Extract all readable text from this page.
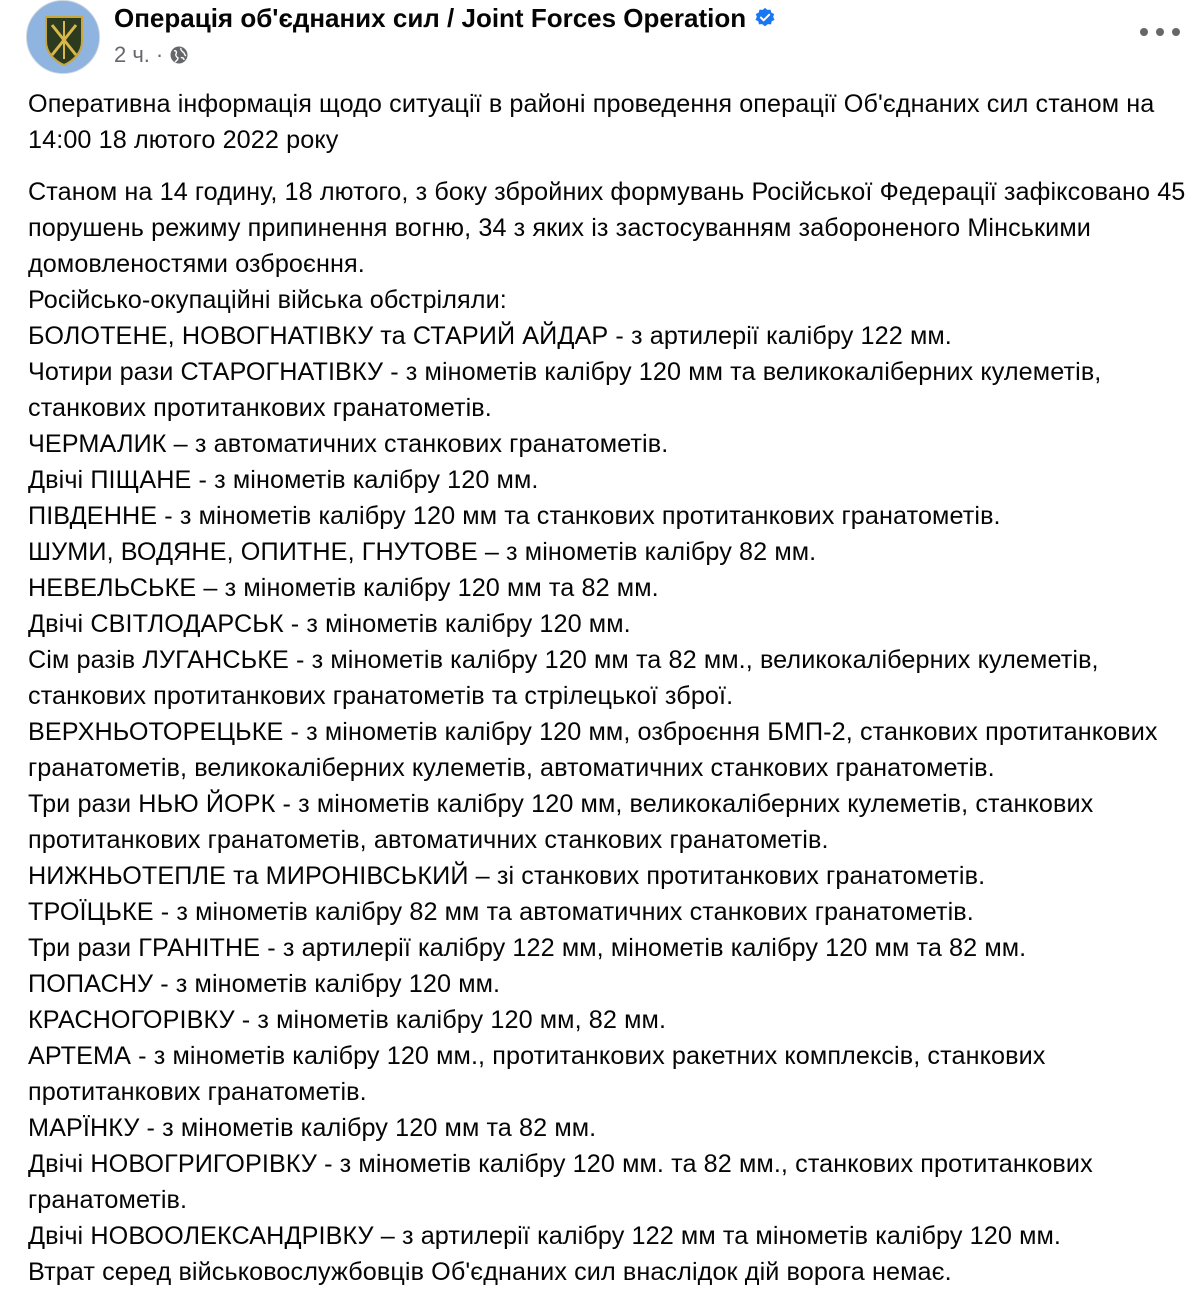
Операція об'єднаних сил / Joint Forces Operation
2 ч. ·

Оперативна інформація щодо ситуації в районі проведення операції Об'єднаних сил станом на 14:00 18 лютого 2022 року

Станом на 14 годину, 18 лютого, з боку збройних формувань Російської Федерації зафіксовано 45 порушень режиму припинення вогню, 34 з яких із застосуванням забороненого Мінськими домовленостями озброєння.

Російсько-окупаційні війська обстріляли:

БОЛОТЕНЕ, НОВОГНАТІВКУ та СТАРИЙ АЙДАР - з артилерії калібру 122 мм.

Чотири рази СТАРОГНАТІВКУ - з мінометів калібру 120 мм та великокаліберних кулеметів, станкових протитанкових гранатометів.

ЧЕРМАЛИК – з автоматичних станкових гранатометів.

Двічі ПІЩАНЕ - з мінометів калібру 120 мм.

ПІВДЕННЕ - з мінометів калібру 120 мм та станкових протитанкових гранатометів.

ШУМИ, ВОДЯНЕ, ОПИТНЕ, ГНУТОВЕ – з мінометів калібру 82 мм.

НЕВЕЛЬСЬКЕ – з мінометів калібру 120 мм та 82 мм.

Двічі СВІТЛОДАРСЬК - з мінометів калібру 120 мм.

Сім разів ЛУГАНСЬКЕ - з мінометів калібру 120 мм та 82 мм., великокаліберних кулеметів, станкових протитанкових гранатометів та стрілецької зброї.

ВЕРХНЬОТОРЕЦЬКЕ - з мінометів калібру 120 мм, озброєння БМП-2, станкових протитанкових гранатометів, великокаліберних кулеметів, автоматичних станкових гранатометів.

Три рази НЬЮ ЙОРК - з мінометів калібру 120 мм, великокаліберних кулеметів, станкових протитанкових гранатометів, автоматичних станкових гранатометів.

НИЖНЬОТЕПЛЕ та МИРОНІВСЬКИЙ – зі станкових протитанкових гранатометів.

ТРОЇЦЬКЕ - з мінометів калібру 82 мм та автоматичних станкових гранатометів.

Три рази ГРАНІТНЕ - з артилерії калібру 122 мм, мінометів калібру 120 мм та 82 мм.

ПОПАСНУ - з мінометів калібру 120 мм.

КРАСНОГОРІВКУ - з мінометів калібру 120 мм, 82 мм.

АРТЕМА - з мінометів калібру 120 мм., протитанкових ракетних комплексів, станкових протитанкових гранатометів.

МАРЇНКУ - з мінометів калібру 120 мм та 82 мм.

Двічі НОВОГРИГОРІВКУ - з мінометів калібру 120 мм. та 82 мм., станкових протитанкових гранатометів.

Двічі НОВООЛЕКСАНДРІВКУ – з артилерії калібру 122 мм та мінометів калібру 120 мм.

Втрат серед військовослужбовців Об'єднаних сил внаслідок дій ворога немає.
